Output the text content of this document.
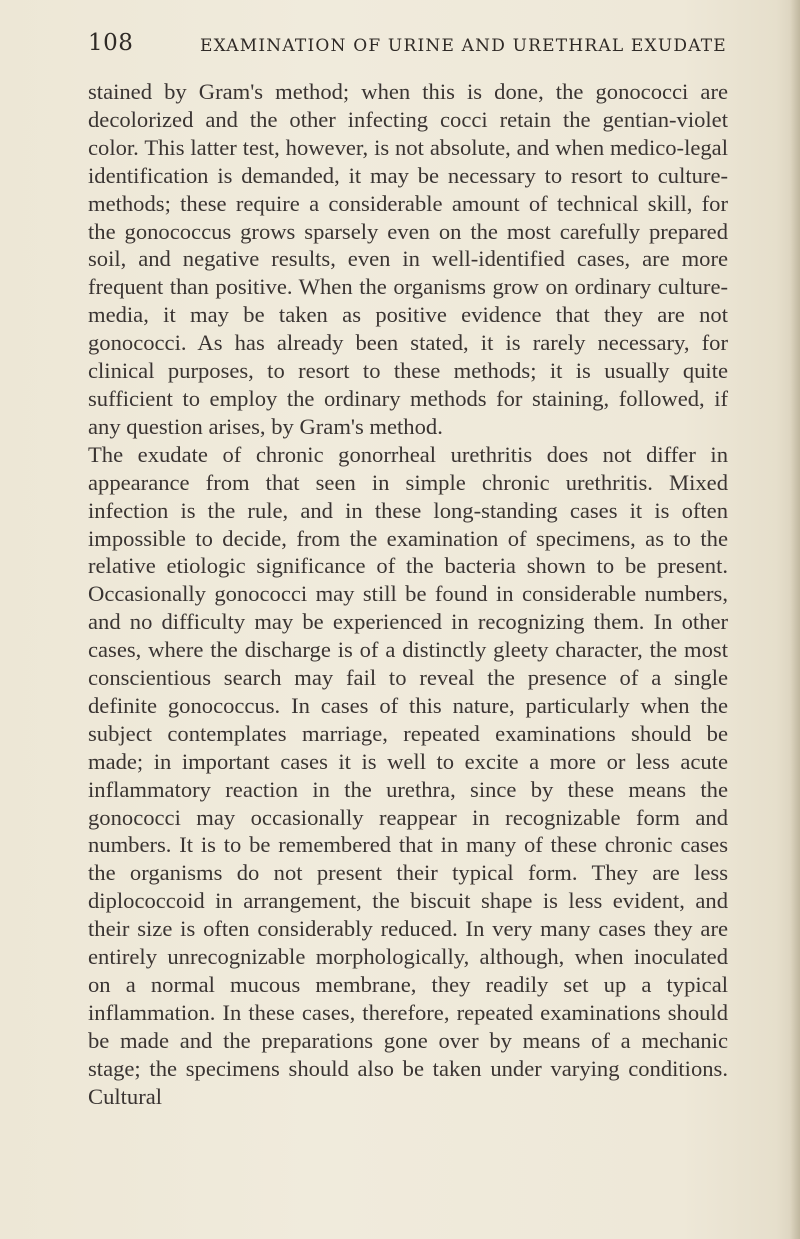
108	EXAMINATION OF URINE AND URETHRAL EXUDATE

stained by Gram's method; when this is done, the gonococci are decolorized and the other infecting cocci retain the gentian-violet color. This latter test, however, is not absolute, and when medico-legal identification is demanded, it may be necessary to resort to culture-methods; these require a considerable amount of technical skill, for the gonococcus grows sparsely even on the most carefully prepared soil, and negative results, even in well-identified cases, are more frequent than positive. When the organisms grow on ordinary culture-media, it may be taken as positive evidence that they are not gonococci. As has already been stated, it is rarely necessary, for clinical purposes, to resort to these methods; it is usually quite sufficient to employ the ordinary methods for staining, followed, if any question arises, by Gram's method.

The exudate of chronic gonorrheal urethritis does not differ in appearance from that seen in simple chronic urethritis. Mixed infection is the rule, and in these long-standing cases it is often impossible to decide, from the examination of specimens, as to the relative etiologic significance of the bacteria shown to be present. Occasionally gonococci may still be found in considerable numbers, and no difficulty may be experienced in recognizing them. In other cases, where the discharge is of a distinctly gleety character, the most conscientious search may fail to reveal the presence of a single definite gonococcus. In cases of this nature, particularly when the subject contemplates marriage, repeated examinations should be made; in important cases it is well to excite a more or less acute inflammatory reaction in the urethra, since by these means the gonococci may occasionally reappear in recognizable form and numbers. It is to be remembered that in many of these chronic cases the organisms do not present their typical form. They are less diplococcoid in arrangement, the biscuit shape is less evident, and their size is often considerably reduced. In very many cases they are entirely unrecognizable morphologically, although, when inoculated on a normal mucous membrane, they readily set up a typical inflammation. In these cases, therefore, repeated examinations should be made and the preparations gone over by means of a mechanic stage; the specimens should also be taken under varying conditions. Cultural
